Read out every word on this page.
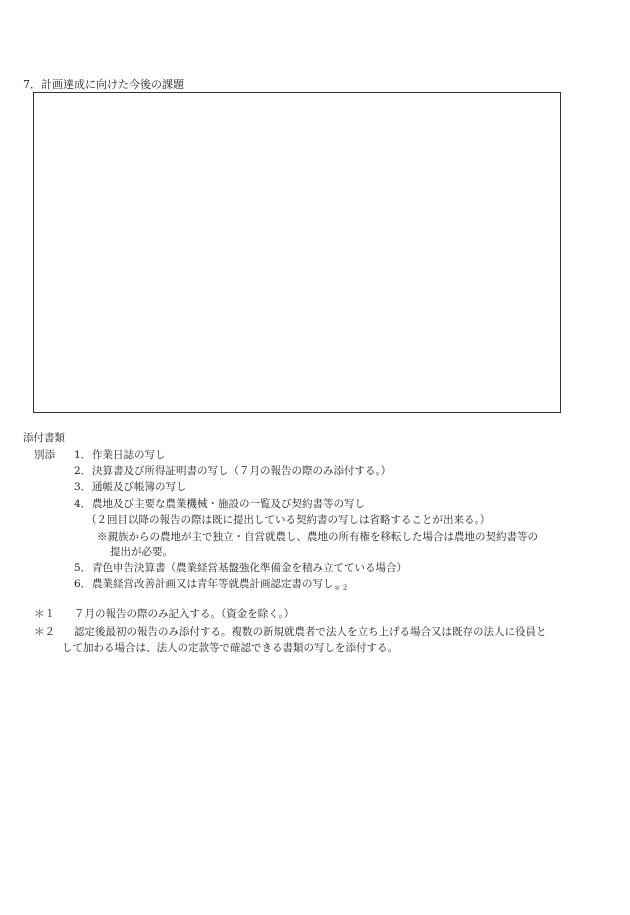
7．計画達成に向けた今後の課題
添付書類
別添 1．作業日誌の写し
2．決算書及び所得証明書の写し（７月の報告の際のみ添付する。）
3．通帳及び帳簿の写し
4．農地及び主要な農業機械・施設の一覧及び契約書等の写し
（２回目以降の報告の際は既に提出している契約書の写しは省略することが出来る。）
※親族からの農地が主で独立・自営就農し、農地の所有権を移転した場合は農地の契約書等の
提出が必要。
5．青色申告決算書（農業経営基盤強化準備金を積み立てている場合）
6．農業経営改善計画又は青年等就農計画認定書の写し$_{*2}$
＊１ ７月の報告の際のみ記入する。（資金を除く。）
＊２ 認定後最初の報告のみ添付する。複数の新規就農者で法人を立ち上げる場合又は既存の法人に役員と
して加わる場合は、法人の定款等で確認できる書類の写しを添付する。
